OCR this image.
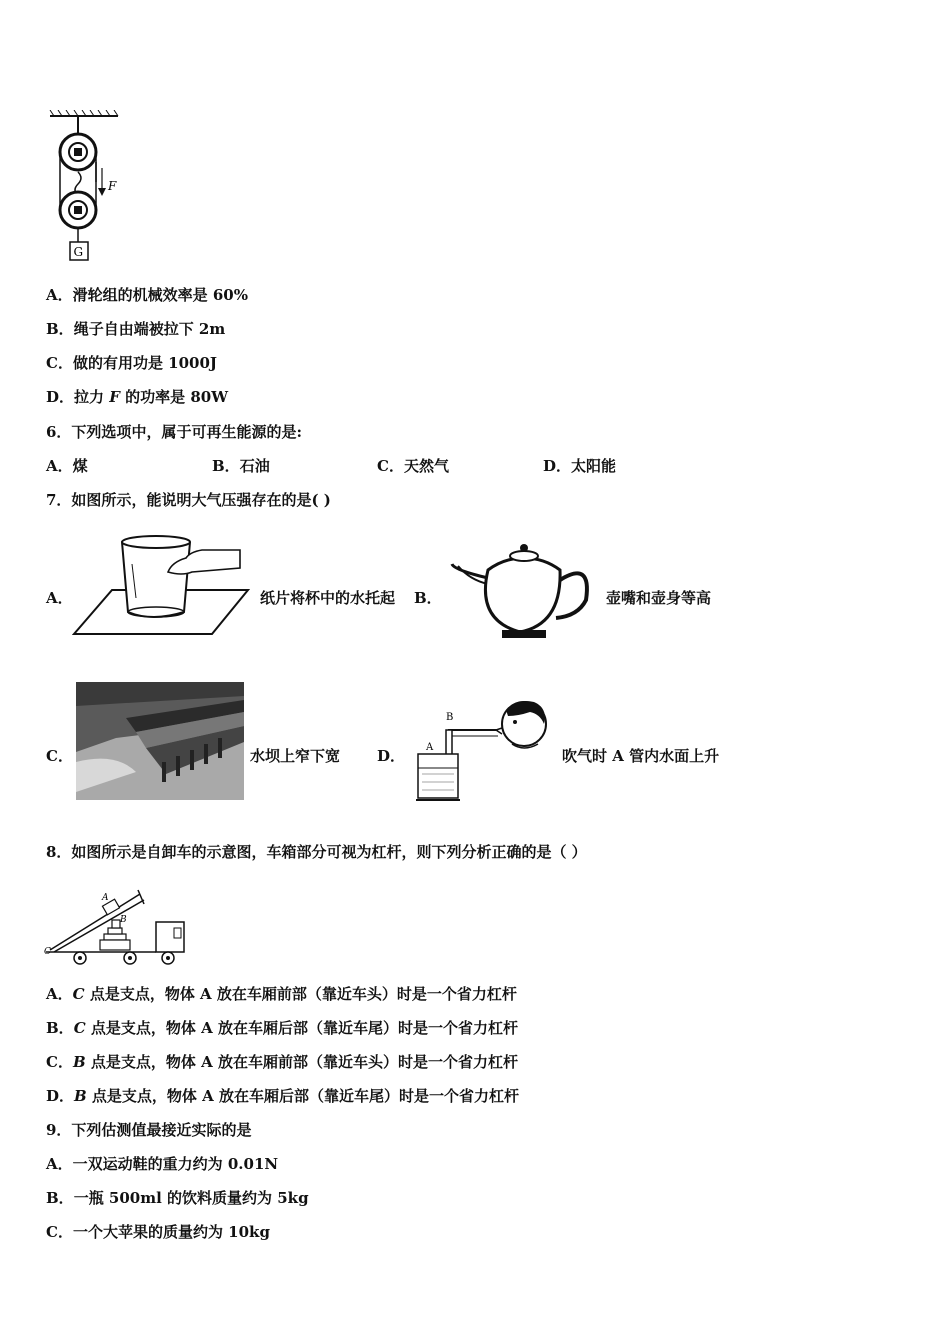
F
G
A．滑轮组的机械效率是 60%
B．绳子自由端被拉下 2m
C．做的有用功是 1000J
D．拉力 F 的功率是 80W
6．下列选项中，属于可再生能源的是:
A．煤	B．石油	C．天然气	D．太阳能
7．如图所示，能说明大气压强存在的是( )
A．	纸片将杯中的水托起 B．	壶嘴和壶身等高
C．	水坝上窄下宽 D．
B
A	吹气时 A 管内水面上升
8．如图所示是自卸车的示意图，车箱部分可视为杠杆，则下列分析正确的是（ ）
A
B
C
A．C 点是支点，物体 A 放在车厢前部（靠近车头）时是一个省力杠杆
B．C 点是支点，物体 A 放在车厢后部（靠近车尾）时是一个省力杠杆
C．B 点是支点，物体 A 放在车厢前部（靠近车头）时是一个省力杠杆
D．B 点是支点，物体 A 放在车厢后部（靠近车尾）时是一个省力杠杆
9．下列估测值最接近实际的是
A．一双运动鞋的重力约为 0.01N
B．一瓶 500ml 的饮料质量约为 5kg
C．一个大苹果的质量约为 10kg
